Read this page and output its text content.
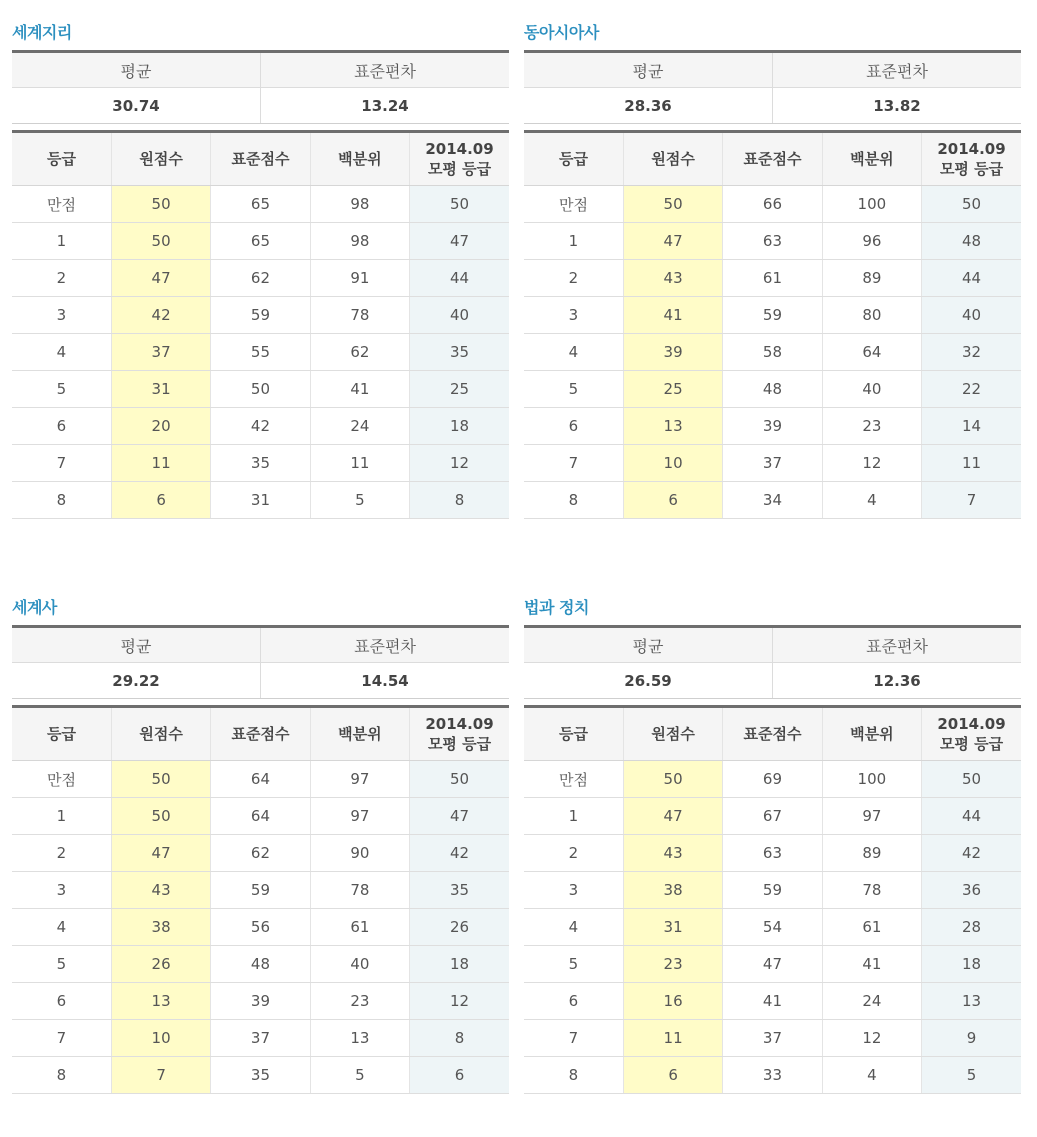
세계지리
평균	표준편차
30.74	13.24
등급	원점수	표준점수	백분위	2014.09
모평 등급

만점	50	65	98	50
1	50	65	98	47
2	47	62	91	44
3	42	59	78	40
4	37	55	62	35
5	31	50	41	25
6	20	42	24	18
7	11	35	11	12
8	6	31	5	8
동아시아사
평균	표준편차
28.36	13.82
등급	원점수	표준점수	백분위	2014.09
모평 등급

만점	50	66	100	50
1	47	63	96	48
2	43	61	89	44
3	41	59	80	40
4	39	58	64	32
5	25	48	40	22
6	13	39	23	14
7	10	37	12	11
8	6	34	4	7
세계사
평균	표준편차
29.22	14.54
등급	원점수	표준점수	백분위	2014.09
모평 등급

만점	50	64	97	50
1	50	64	97	47
2	47	62	90	42
3	43	59	78	35
4	38	56	61	26
5	26	48	40	18
6	13	39	23	12
7	10	37	13	8
8	7	35	5	6
법과 정치
평균	표준편차
26.59	12.36
등급	원점수	표준점수	백분위	2014.09
모평 등급

만점	50	69	100	50
1	47	67	97	44
2	43	63	89	42
3	38	59	78	36
4	31	54	61	28
5	23	47	41	18
6	16	41	24	13
7	11	37	12	9
8	6	33	4	5
